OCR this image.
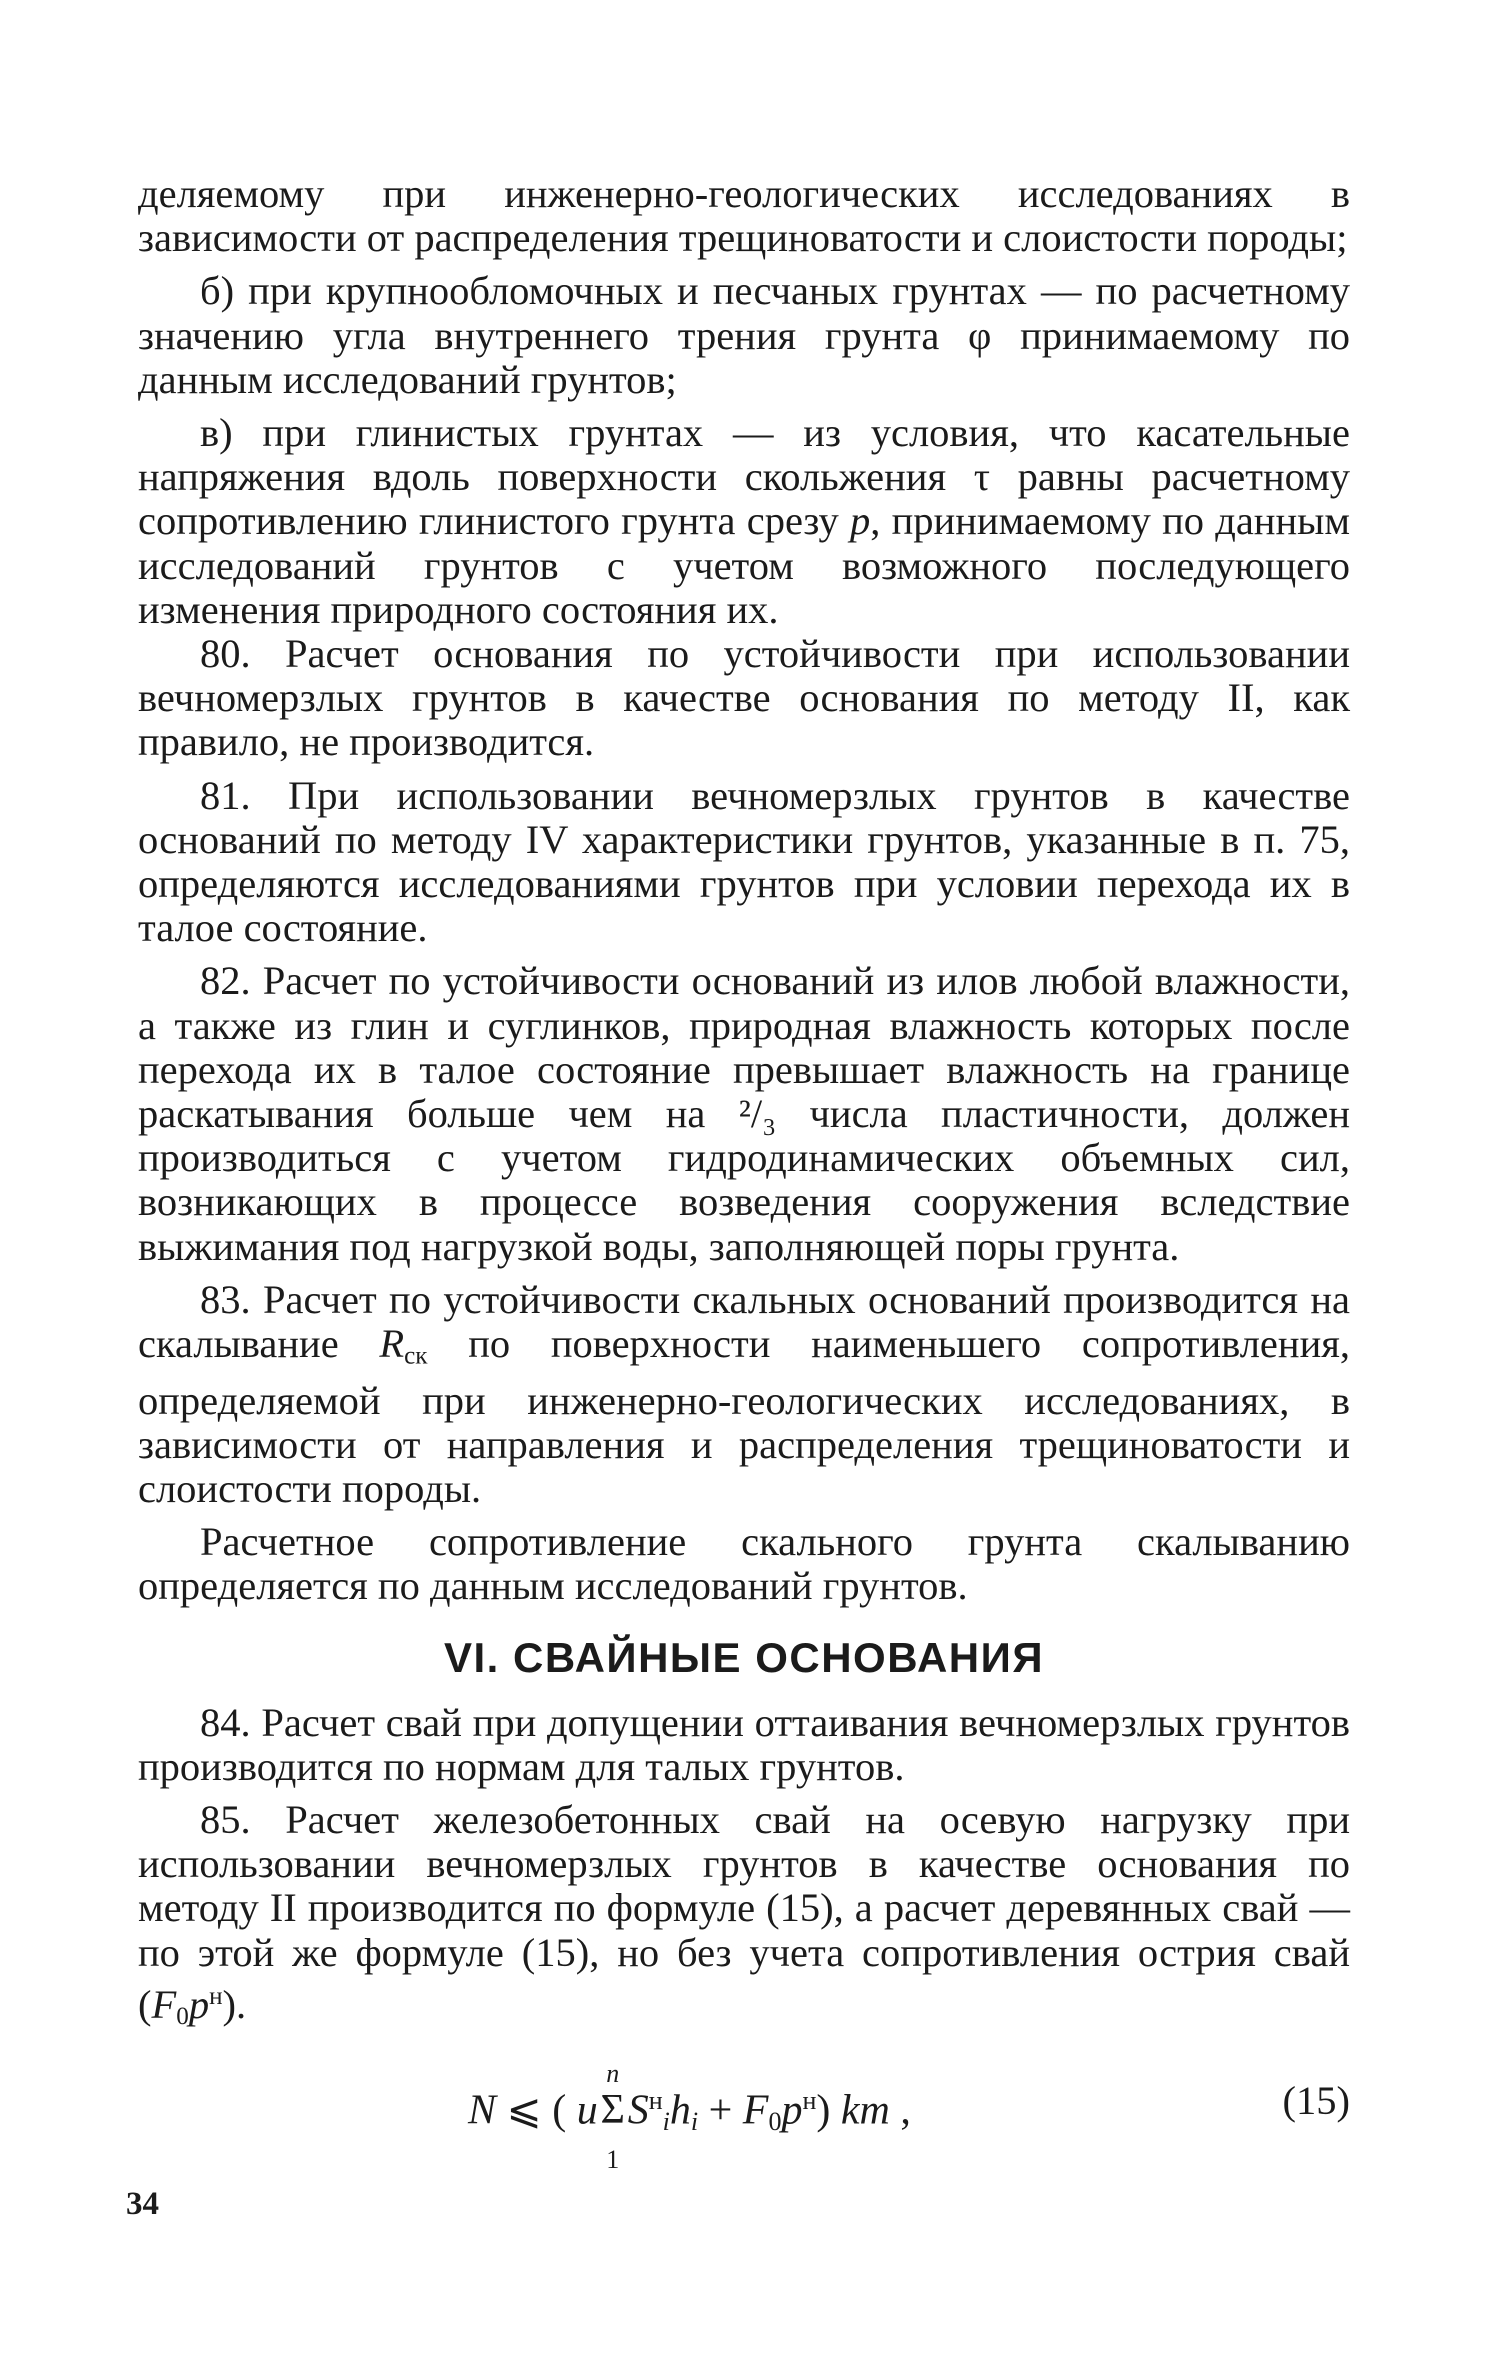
деляемому при инженерно-геологических исследованиях в зависимости от распределения трещиноватости и слоистости породы;

б) при крупнообломочных и песчаных грунтах — по расчетному значению угла внутреннего трения грунта φ принимаемому по данным исследований грунтов;

в) при глинистых грунтах — из условия, что касательные напряжения вдоль поверхности скольжения τ равны расчетному сопротивлению глинистого грунта срезу p, принимаемому по данным исследований грунтов с учетом возможного последующего изменения природного состояния их.

80. Расчет основания по устойчивости при использовании вечномерзлых грунтов в качестве основания по методу II, как правило, не производится.

81. При использовании вечномерзлых грунтов в качестве оснований по методу IV характеристики грунтов, указанные в п. 75, определяются исследованиями грунтов при условии перехода их в талое состояние.

82. Расчет по устойчивости оснований из илов любой влажности, а также из глин и суглинков, природная влажность которых после перехода их в талое состояние превышает влажность на границе раскатывания больше чем на ²/₃ числа пластичности, должен производиться с учетом гидродинамических объемных сил, возникающих в процессе возведения сооружения вследствие выжимания под нагрузкой воды, заполняющей поры грунта.

83. Расчет по устойчивости скальных оснований производится на скалывание $R_{ск}$ по поверхности наименьшего сопротивления, определяемой при инженерно-геологических исследованиях, в зависимости от направления и распределения трещиноватости и слоистости породы.

Расчетное сопротивление скального грунта скалыванию определяется по данным исследований грунтов.

VI. СВАЙНЫЕ ОСНОВАНИЯ

84. Расчет свай при допущении оттаивания вечномерзлых грунтов производится по нормам для талых грунтов.

85. Расчет железобетонных свай на осевую нагрузку при использовании вечномерзлых грунтов в качестве основания по методу II производится по формуле (15), а расчет деревянных свай — по этой же формуле (15), но без учета сопротивления острия свай $(F_0p^н)$.

N ⩽ ( u
n
Σ
1
$S^н_ih_i + F_0p^н$) km ,	(15)
34
